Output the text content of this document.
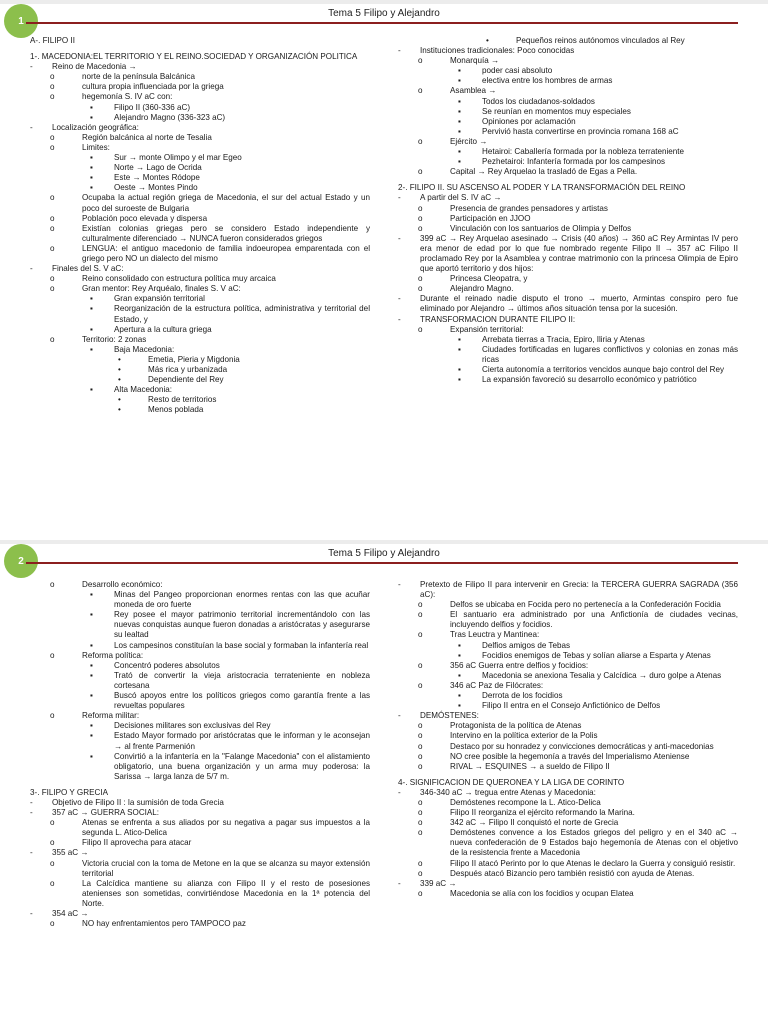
1
Tema 5 Filipo y Alejandro
A-. FILIPO II
1-. MACEDONIA:EL TERRITORIO Y EL REINO.SOCIEDAD Y ORGANIZACIÓN POLITICA
- Reino de Macedonia →
o	norte de la península Balcánica
o	cultura propia influenciada por la griega
o	hegemonía S. IV aC con:
▪	Filipo II (360-336 aC)
▪	Alejandro Magno (336-323 aC)
- Localización geográfica:
o	Región balcánica al norte de Tesalia
o	Limites:
▪	Sur → monte Olimpo y el mar Egeo
▪	Norte → Lago de Ocrida
▪	Este → Montes Ródope
▪	Oeste → Montes Pindo
o	Ocupaba la actual región griega de Macedonia, el sur del actual Estado y un poco del suroeste de Bulgaria
o	Población poco elevada y dispersa
o	Existían colonias griegas pero se considero Estado independiente y culturalmente diferenciado → NUNCA fueron considerados griegos
o	LENGUA: el antiguo macedonio de familia indoeuropea emparentada con el griego pero NO un dialecto del mismo
- Finales del S. V aC:
o	Reino consolidado con estructura política muy arcaica
o	Gran mentor: Rey Arquéalo, finales S. V aC:
▪	Gran expansión territorial
▪	Reorganización de la estructura política, administrativa y territorial del Estado, y
▪	Apertura a la cultura griega
o	Territorio: 2 zonas
▪	Baja Macedonia:
•	Emetia, Pieria y Migdonia
•	Más rica y urbanizada
•	Dependiente del Rey
▪	Alta Macedonia:
•	Resto de territorios
•	Menos poblada
•	Pequeños reinos autónomos vinculados al Rey
- Instituciones tradicionales: Poco conocidas
o	Monarquía →
▪	poder casi absoluto
▪	electiva entre los hombres de armas
o	Asamblea →
▪	Todos los ciudadanos-soldados
▪	Se reunían en momentos muy especiales
▪	Opiniones por aclamación
▪	Pervivió hasta convertirse en provincia romana 168 aC
o	Ejército →
▪	Hetairoi: Caballería formada por la nobleza terrateniente
▪	Pezhetairoi: Infantería formada por los campesinos
o	Capital → Rey Arquelao la trasladó de Egas a Pella.
2-. FILIPO II. SU ASCENSO AL PODER Y LA TRANSFORMACIÓN DEL REINO
- A partir del S. IV aC →
o	Presencia de grandes pensadores y artistas
o	Participación en JJOO
o	Vinculación con los santuarios de Olimpia y Delfos
- 399 aC → Rey Arquelao asesinado → Crisis (40 años) → 360 aC Rey Armintas IV pero era menor de edad por lo que fue nombrado regente Filipo II → 357 aC Filipo II proclamado Rey por la Asamblea y contrae matrimonio con la princesa Olimpia de Epiro que aportó territorio y dos hijos:
o	Princesa Cleopatra, y
o	Alejandro Magno.
- Durante el reinado nadie disputo el trono → muerto, Armintas conspiro pero fue eliminado por Alejandro → últimos años situación tensa por la sucesión.
- TRANSFORMACION DURANTE FILIPO II:
o	Expansión territorial:
▪	Arrebata tierras a Tracia, Epiro, Iliria y Atenas
▪	Ciudades fortificadas en lugares conflictivos y colonias en zonas más ricas
▪	Cierta autonomía a territorios vencidos aunque bajo control del Rey
▪	La expansión favoreció su desarrollo económico y patriótico
2
Tema 5 Filipo y Alejandro
o	Desarrollo económico:
▪	Minas del Pangeo proporcionan enormes rentas con las que acuñar moneda de oro fuerte
▪	Rey posee el mayor patrimonio territorial incrementándolo con las nuevas conquistas aunque fueron donadas a aristócratas y asegurarse su lealtad
▪	Los campesinos constituían la base social y formaban la infantería real
o	Reforma política:
▪	Concentró poderes absolutos
▪	Trató de convertir la vieja aristocracia terrateniente en nobleza cortesana
▪	Buscó apoyos entre los políticos griegos como garantía frente a las revueltas populares
o	Reforma militar:
▪	Decisiones militares son exclusivas del Rey
▪	Estado Mayor formado por aristócratas que le informan y le aconsejan → al frente Parmenión
▪	Convirtió a la infantería en la "Falange Macedonia" con el alistamiento obligatorio, una buena organización y un arma muy poderosa: la Sarissa → larga lanza de 5/7 m.
3-. FILIPO Y GRECIA
- Objetivo de Filipo II : la sumisión de toda Grecia
- 357 aC → GUERRA SOCIAL:
o	Atenas se enfrenta a sus aliados por su negativa a pagar sus impuestos a la segunda L. Atico-Delica
o	Filipo II aprovecha para atacar
- 355 aC →
o	Victoria crucial con la toma de Metone en la que se alcanza su mayor extensión territorial
o	La Calcídica mantiene su alianza con Filipo II y el resto de posesiones atenienses son sometidas, convirtiéndose Macedonia en la 1ª potencia del Norte.
- 354 aC →
o	NO hay enfrentamientos pero TAMPOCO paz
- Pretexto de Filipo II para intervenir en Grecia: la TERCERA GUERRA SAGRADA (356 aC):
o	Delfos se ubicaba en Focida pero no pertenecía a la Confederación Focidia
o	El santuario era administrado por una Anfictionía de ciudades vecinas, incluyendo delfios y focidios.
o	Tras Leuctra y Mantinea:
▪	Delfios amigos de Tebas
▪	Focidios enemigos de Tebas y solían aliarse a Esparta y Atenas
o	356 aC Guerra entre delfios y focidios:
▪	Macedonia se anexiona Tesalia y Calcídica → duro golpe a Atenas
o	346 aC Paz de Filócrates:
▪	Derrota de los focidios
▪	Filipo II entra en el Consejo Anfictiónico de Delfos
- DEMÓSTENES:
o	Protagonista de la política de Atenas
o	Intervino en la política exterior de la Polis
o	Destaco por su honradez y convicciones democráticas y anti-macedonias
o	NO cree posible la hegemonía a través del Imperialismo Ateniense
o	RIVAL → ESQUINES → a sueldo de Filipo II
4-. SIGNIFICACION DE QUERONEA Y LA LIGA DE CORINTO
- 346-340 aC → tregua entre Atenas y Macedonia:
o	Demóstenes recompone la L. Atico-Delica
o	Filipo II reorganiza el ejército reformando la Marina.
o	342 aC → Filipo II conquistó el norte de Grecia
o	Demóstenes convence a los Estados griegos del peligro y en el 340 aC → nueva confederación de 9 Estados bajo hegemonía de Atenas con el objetivo de la resistencia frente a Macedonia
o	Filipo II atacó Perinto por lo que Atenas le declaro la Guerra y consiguió resistir.
o	Después atacó Bizancio pero también resistió con ayuda de Atenas.
- 339 aC →
o	Macedonia se alía con los focidios y ocupan Elatea
